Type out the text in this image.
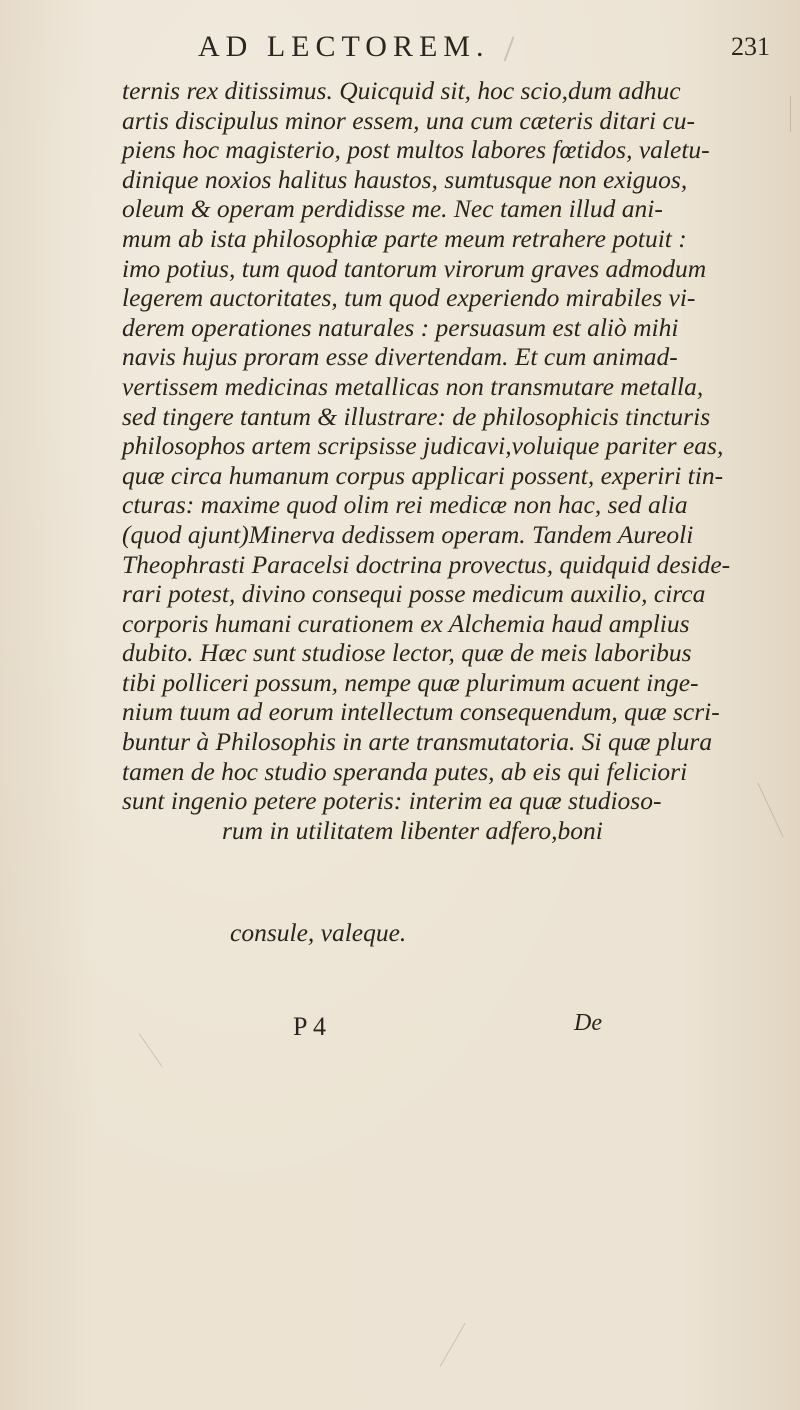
AD LECTOREM.	231
ternis rex ditissimus. Quicquid sit, hoc scio,dum adhuc
artis discipulus minor essem, una cum cæteris ditari cu-
piens hoc magisterio, post multos labores fœtidos, valetu-
dinique noxios halitus haustos, sumtusque non exiguos,
oleum & operam perdidisse me. Nec tamen illud ani-
mum ab ista philosophiæ parte meum retrahere potuit :
imo potius, tum quod tantorum virorum graves admodum
legerem auctoritates, tum quod experiendo mirabiles vi-
derem operationes naturales : persuasum est aliò mihi
navis hujus proram esse divertendam. Et cum animad-
vertissem medicinas metallicas non transmutare metalla,
sed tingere tantum & illustrare: de philosophicis tincturis
philosophos artem scripsisse judicavi,voluique pariter eas,
quæ circa humanum corpus applicari possent, experiri tin-
cturas: maxime quod olim rei medicæ non hac, sed alia
(quod ajunt)Minerva dedissem operam. Tandem Aureoli
Theophrasti Paracelsi doctrina provectus, quidquid deside-
rari potest, divino consequi posse medicum auxilio, circa
corporis humani curationem ex Alchemia haud amplius
dubito. Hæc sunt studiose lector, quæ de meis laboribus
tibi polliceri possum, nempe quæ plurimum acuent inge-
nium tuum ad eorum intellectum consequendum, quæ scri-
buntur à Philosophis in arte transmutatoria. Si quæ plura
tamen de hoc studio speranda putes, ab eis qui feliciori
sunt ingenio petere poteris: interim ea quæ studioso-
rum in utilitatem libenter adfero,boni
consule, valeque.
P 4	De
